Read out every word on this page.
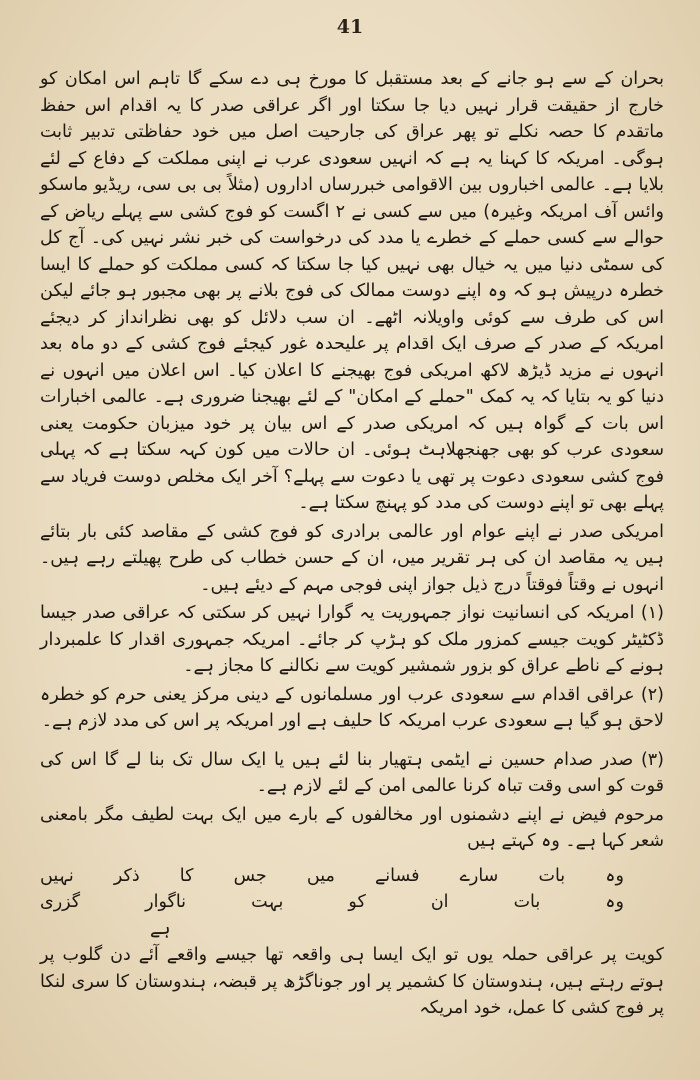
41

بحران کے سے ہو جانے کے بعد مستقبل کا مورخ ہی دے سکے گا تاہم اس امکان کو خارج از حقیقت قرار نہیں دیا جا سکتا اور اگر عراقی صدر کا یہ اقدام اس حفظ ماتقدم کا حصہ نکلے تو پھر عراق کی جارحیت اصل میں خود حفاظتی تدبیر ثابت ہوگی۔ امریکہ کا کہنا یہ ہے کہ انہیں سعودی عرب نے اپنی مملکت کے دفاع کے لئے بلایا ہے۔ عالمی اخباروں بین الاقوامی خبررساں اداروں (مثلاً بی بی سی، ریڈیو ماسکو وائس آف امریکہ وغیرہ) میں سے کسی نے ۲ اگست کو فوج کشی سے پہلے ریاض کے حوالے سے کسی حملے کے خطرے یا مدد کی درخواست کی خبر نشر نہیں کی۔ آج کل کی سمٹی دنیا میں یہ خیال بھی نہیں کیا جا سکتا کہ کسی مملکت کو حملے کا ایسا خطرہ درپیش ہو کہ وہ اپنے دوست ممالک کی فوج بلانے پر بھی مجبور ہو جائے لیکن اس کی طرف سے کوئی واویلانہ اٹھے۔ ان سب دلائل کو بھی نظرانداز کر دیجئے امریکہ کے صدر کے صرف ایک اقدام پر علیحدہ غور کیجئے فوج کشی کے دو ماہ بعد انہوں نے مزید ڈیڑھ لاکھ امریکی فوج بھیجنے کا اعلان کیا۔ اس اعلان میں انہوں نے دنیا کو یہ بتایا کہ یہ کمک "حملے کے امکان" کے لئے بھیجنا ضروری ہے۔ عالمی اخبارات اس بات کے گواہ ہیں کہ امریکی صدر کے اس بیان پر خود میزبان حکومت یعنی سعودی عرب کو بھی جھنجھلاہٹ ہوئی۔ ان حالات میں کون کہہ سکتا ہے کہ پہلی فوج کشی سعودی دعوت پر تھی یا دعوت سے پہلے؟ آخر ایک مخلص دوست فریاد سے پہلے بھی تو اپنے دوست کی مدد کو پہنچ سکتا ہے۔

امریکی صدر نے اپنے عوام اور عالمی برادری کو فوج کشی کے مقاصد کئی بار بتائے ہیں یہ مقاصد ان کی ہر تقریر میں، ان کے حسن خطاب کی طرح پھیلتے رہے ہیں۔ انہوں نے وقتاً فوقتاً درج ذیل جواز اپنی فوجی مہم کے دیئے ہیں۔

(۱) امریکہ کی انسانیت نواز جمہوریت یہ گوارا نہیں کر سکتی کہ عراقی صدر جیسا ڈکٹیٹر کویت جیسے کمزور ملک کو ہڑپ کر جائے۔ امریکہ جمہوری اقدار کا علمبردار ہونے کے ناطے عراق کو بزور شمشیر کویت سے نکالنے کا مجاز ہے۔

(۲) عراقی اقدام سے سعودی عرب اور مسلمانوں کے دینی مرکز یعنی حرم کو خطرہ لاحق ہو گیا ہے سعودی عرب امریکہ کا حلیف ہے اور امریکہ پر اس کی مدد لازم ہے۔

(۳) صدر صدام حسین نے ایٹمی ہتھیار بنا لئے ہیں یا ایک سال تک بنا لے گا اس کی قوت کو اسی وقت تباہ کرنا عالمی امن کے لئے لازم ہے۔

مرحوم فیض نے اپنے دشمنوں اور مخالفوں کے بارے میں ایک بہت لطیف مگر بامعنی شعر کہا ہے۔ وہ کہتے ہیں

وہ بات سارے فسانے میں جس کا ذکر نہیں
وہ بات ان کو بہت ناگوار گزری
ہے

کویت پر عراقی حملہ یوں تو ایک ایسا ہی واقعہ تھا جیسے واقعے آئے دن گلوب پر ہوتے رہتے ہیں، ہندوستان کا کشمیر پر اور جوناگڑھ پر قبضہ، ہندوستان کا سری لنکا پر فوج کشی کا عمل، خود امریکہ
